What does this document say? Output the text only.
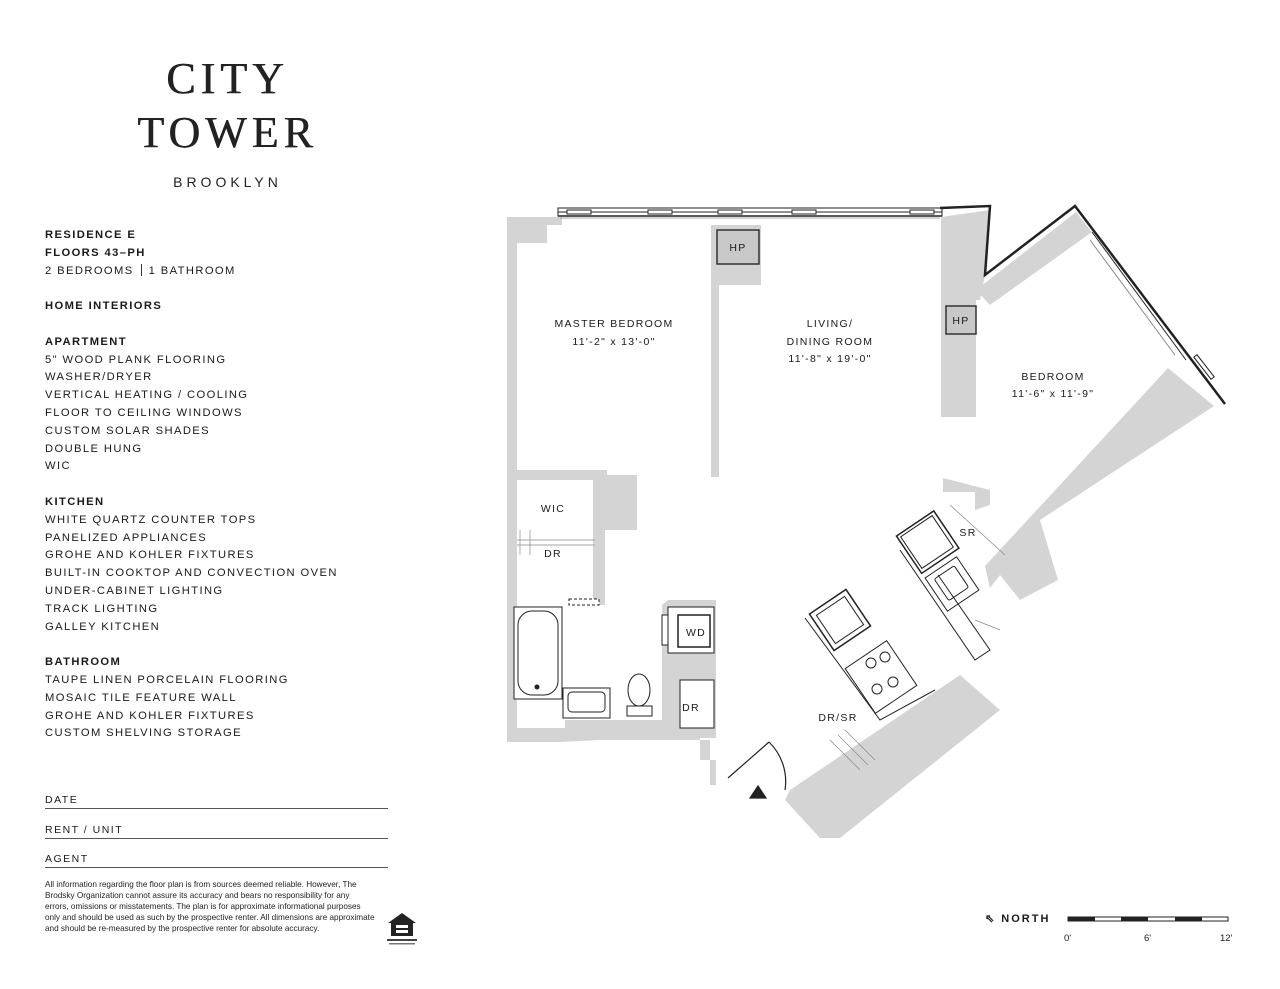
CITY
TOWER
BROOKLYN
RESIDENCE E
FLOORS 43–PH
2 BEDROOMS 1 BATHROOM
HOME INTERIORS
APARTMENT
5" WOOD PLANK FLOORING
WASHER/DRYER
VERTICAL HEATING / COOLING
FLOOR TO CEILING WINDOWS
CUSTOM SOLAR SHADES
DOUBLE HUNG
WIC
KITCHEN
WHITE QUARTZ COUNTER TOPS
PANELIZED APPLIANCES
GROHE AND KOHLER FIXTURES
BUILT-IN COOKTOP AND CONVECTION OVEN
UNDER-CABINET LIGHTING
TRACK LIGHTING
GALLEY KITCHEN
BATHROOM
TAUPE LINEN PORCELAIN FLOORING
MOSAIC TILE FEATURE WALL
GROHE AND KOHLER FIXTURES
CUSTOM SHELVING STORAGE
DATE
RENT / UNIT
AGENT
All information regarding the floor plan is from sources deemed reliable. However, The Brodsky Organization cannot assure its accuracy and bears no responsibility for any errors, omissions or misstatements. The plan is for approximate informational purposes only and should be used as such by the prospective renter. All dimensions are approximate and should be re-measured by the prospective renter for absolute accuracy.
MASTER BEDROOM
11'-2" x 13'-0"
LIVING/
DINING ROOM
11'-8" x 19'-0"
BEDROOM
11'-6" x 11'-9"
HP
HP
WIC
DR
SR
WD
DR
DR/SR
⇖ NORTH
0'	6'	12'
